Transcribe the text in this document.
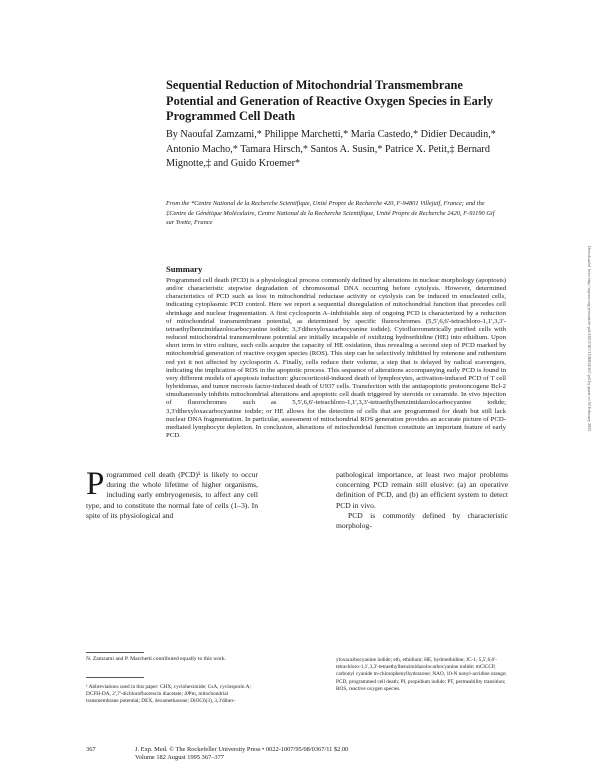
Sequential Reduction of Mitochondrial Transmembrane Potential and Generation of Reactive Oxygen Species in Early Programmed Cell Death
By Naoufal Zamzami,* Philippe Marchetti,* Maria Castedo,* Didier Decaudin,* Antonio Macho,* Tamara Hirsch,* Santos A. Susin,* Patrice X. Petit,‡ Bernard Mignotte,‡ and Guido Kroemer*
From the *Centre National de la Recherche Scientifique, Unité Propre de Recherche 420, F-94801 Villejuif, France; and the ‡Centre de Génétique Moléculaire, Centre National de la Recherche Scientifique, Unité Propre de Recherche 2420, F-91190 Gif sur Yvette, France
Downloaded from http://rupress.org/jem/article-pdf/182/2/367/1106814/367.pdf by guest on 03 February 2023
Summary
Programmed cell death (PCD) is a physiological process commonly defined by alterations in nuclear morphology (apoptosis) and/or characteristic stepwise degradation of chromosomal DNA occurring before cytolysis. However, determined characteristics of PCD such as loss in mitochondrial reductase activity or cytolysis can be induced in enucleated cells, indicating cytoplasmic PCD control. Here we report a sequential disregulation of mitochondrial function that precedes cell shrinkage and nuclear fragmentation. A first cyclosporin A–inhibitable step of ongoing PCD is characterized by a reduction of mitochondrial transmembrane potential, as determined by specific fluorochromes (5,5',6,6'-tetrachloro-1,1',3,3'-tetraethylbenzimidazolocarbocyanine iodide; 3,3'dihexyloxacarbocyanine iodide). Cytofluorometrically purified cells with reduced mitochondrial transmembrane potential are initially incapable of oxidizing hydroethidine (HE) into ethidium. Upon short term in vitro culture, such cells acquire the capacity of HE oxidation, thus revealing a second step of PCD marked by mitochondrial generation of reactive oxygen species (ROS). This step can be selectively inhibited by rotenone and ruthenium red yet it not affected by cyclosporin A. Finally, cells reduce their volume, a step that is delayed by radical scavengers, indicating the implication of ROS in the apoptotic process. This sequence of alterations accompanying early PCD is found in very different models of apoptosis induction: glucocorticoid-induced death of lymphocytes, activation-induced PCD of T cell hybridomas, and tumor necrosis factor-induced death of U937 cells. Transfection with the antiapoptotic protooncogene Bcl-2 simultaneously inhibits mitochondrial alterations and apoptotic cell death triggered by steroids or ceramide. In vivo injection of fluorochromes such as 5,5',6,6'-tetrachloro-1,1',3,3'-tetraethylbenzimidazolocarbocyanine iodide; 3,3'dihexyloxacarbocyanine iodide; or HE allows for the detection of cells that are programmed for death but still lack nuclear DNA fragmentation. In particular, assessment of mitochondrial ROS generation provides an accurate picture of PCD-mediated lymphocyte depletion. In conclusion, alterations of mitochondrial function constitute an important feature of early PCD.
Programmed cell death (PCD)¹ is likely to occur during the whole lifetime of higher organisms, including early embryogenesis, to affect any cell type, and to constitute the normal fate of cells (1–3). In spite of its physiological and
pathological importance, at least two major problems concerning PCD remain still elusive: (a) an operative definition of PCD, and (b) an efficient system to detect PCD in vivo.
PCD is commonly defined by characteristic morpholog-
N. Zamzami and P. Marchetti contributed equally to this work.
¹ Abbreviations used in this paper: CHX, cycloheximide; CsA, cyclosporin A; DCFH-DA, 2',7'-dichlorofluorescin diacetate; ΔΨm, mitochondrial transmembrane potential; DEX, dexamethasone; DiOC6(3), 3,3'dihex-
yloxacarbocyanine iodide; eth, ethidium; HE, hydroethidine; JC-1, 5,5',6,6'-tetrachloro-1,1',3,3'-tetraethylbenzimidazolocarbocyanine iodide; mClCCP, carbonyl cyanide m-chlorophenylhydrazone; NAO, 10-N nonyl-acridine orange; PCD, programmed cell death; PI, propidium iodide; PT, permeability transition; ROS, reactive oxygen species.
367	J. Exp. Med. © The Rockefeller University Press • 0022-1007/95/08/0367/11 $2.00
Volume 182 August 1995 367–377
